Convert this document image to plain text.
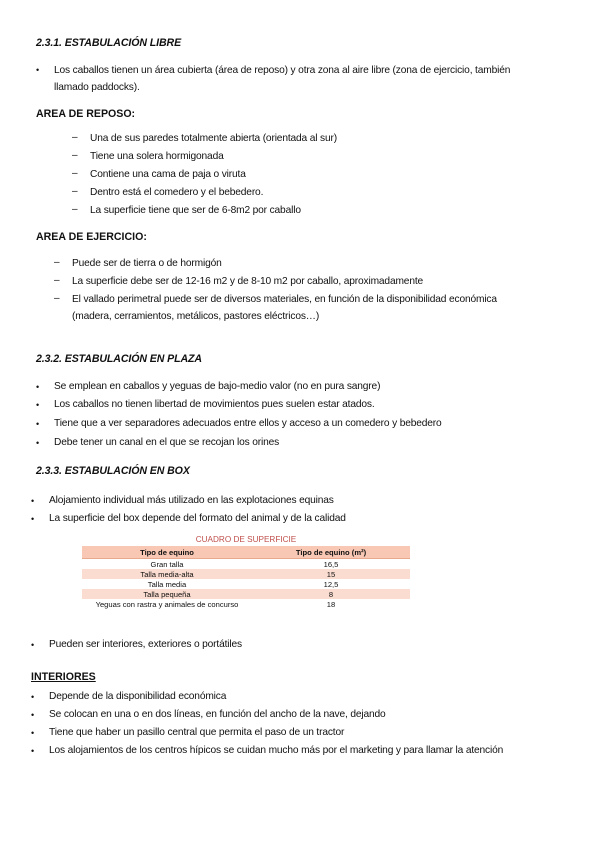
2.3.1. ESTABULACIÓN LIBRE
• Los caballos tienen un área cubierta (área de reposo) y otra zona al aire libre (zona de ejercicio, también
llamado paddocks).
AREA DE REPOSO:
– Una de sus paredes totalmente abierta (orientada al sur)
– Tiene una solera hormigonada
– Contiene una cama de paja o viruta
– Dentro está el comedero y el bebedero.
– La superficie tiene que ser de 6-8m2 por caballo
AREA DE EJERCICIO:
– Puede ser de tierra o de hormigón
– La superficie debe ser de 12-16 m2 y de 8-10 m2 por caballo, aproximadamente
– El vallado perimetral puede ser de diversos materiales, en función de la disponibilidad económica
(madera, cerramientos, metálicos, pastores eléctricos…)
2.3.2. ESTABULACIÓN EN PLAZA
• Se emplean en caballos y yeguas de bajo-medio valor (no en pura sangre)
• Los caballos no tienen libertad de movimientos pues suelen estar atados.
• Tiene que a ver separadores adecuados entre ellos y acceso a un comedero y bebedero
• Debe tener un canal en el que se recojan los orines
2.3.3. ESTABULACIÓN EN BOX
• Alojamiento individual más utilizado en las explotaciones equinas
• La superficie del box depende del formato del animal y de la calidad
CUADRO DE SUPERFICIE
Tipo de equino	Tipo de equino (m²)
Gran talla	16,5
Talla media-alta	15
Talla media	12,5
Talla pequeña	8
Yeguas con rastra y animales de concurso	18
• Pueden ser interiores, exteriores o portátiles
INTERIORES
• Depende de la disponibilidad económica
• Se colocan en una o en dos líneas, en función del ancho de la nave, dejando
• Tiene que haber un pasillo central que permita el paso de un tractor
• Los alojamientos de los centros hípicos se cuidan mucho más por el marketing y para llamar la atención
